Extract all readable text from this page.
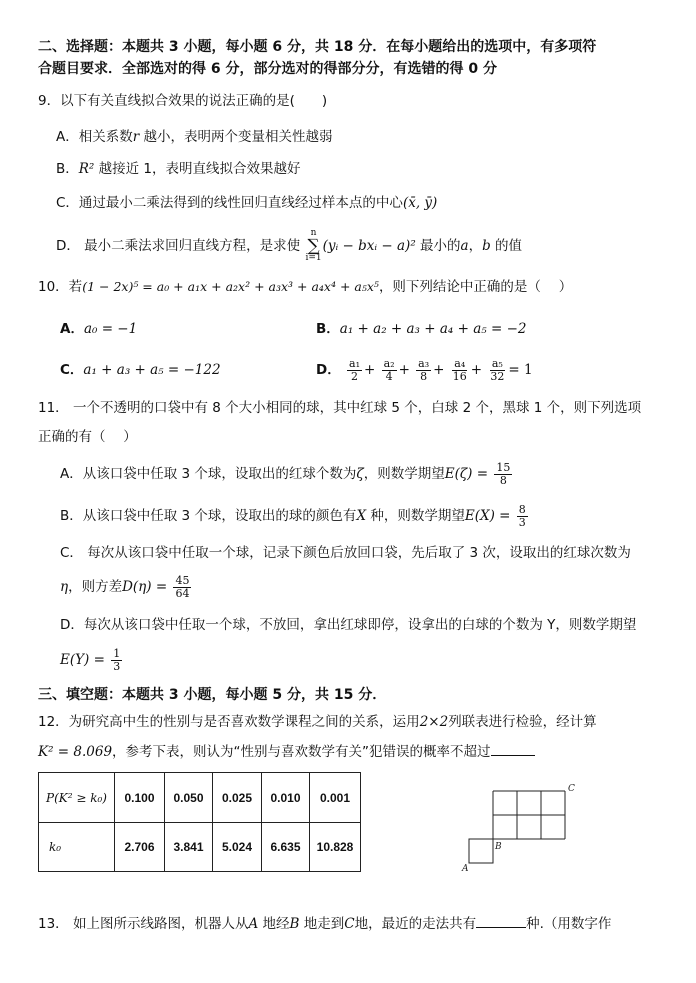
二、选择题：本题共 3 小题，每小题 6 分，共 18 分．在每小题给出的选项中，有多项符
合题目要求．全部选对的得 6 分，部分选对的得部分分，有选错的得 0 分
9．以下有关直线拟合效果的说法正确的是(　　)
A．相关系数r 越小，表明两个变量相关性越弱
B．R² 越接近 1，表明直线拟合效果越好
C．通过最小二乘法得到的线性回归直线经过样本点的中心(x̄, ȳ)
D． 最小二乘法求回归直线方程，是求使
n
∑
i=1
(yᵢ − bxᵢ − a)² 最小的a，b 的值
10．若(1 − 2x)⁵ = a₀ + a₁x + a₂x² + a₃x³ + a₄x⁴ + a₅x⁵，则下列结论中正确的是（　 ）
A．a₀ = −1	B．a₁ + a₂ + a₃ + a₄ + a₅ = −2
C．a₁ + a₃ + a₅ = −122	D． $\frac{\text{a₁}}{2} + \frac{\text{a₂}}{4} + \frac{\text{a₃}}{8} + \frac{\text{a₄}}{16} + \frac{\text{a₅}}{32} = 1$
11． 一个不透明的口袋中有 8 个大小相同的球，其中红球 5 个，白球 2 个，黑球 1 个，则下列选项
正确的有（　 ）
A．从该口袋中任取 3 个球，设取出的红球个数为ζ，则数学期望$E(\zeta) = \frac{15}{8}$
B．从该口袋中任取 3 个球，设取出的球的颜色有X 种，则数学期望$E(X) = \frac{8}{3}$
C． 每次从该口袋中任取一个球，记录下颜色后放回口袋，先后取了 3 次，设取出的红球次数为
η，则方差$D(\eta) = \frac{45}{64}$
D．每次从该口袋中任取一个球，不放回，拿出红球即停，设拿出的白球的个数为 Y，则数学期望
$E(Y) = \frac{1}{3}$
三、填空题：本题共 3 小题，每小题 5 分，共 15 分．
12．为研究高中生的性别与是否喜欢数学课程之间的关系，运用2×2列联表进行检验，经计算
K² = 8.069，参考下表，则认为“性别与喜欢数学有关”犯错误的概率不超过
P(K² ≥ k₀)	0.100	0.050	0.025	0.010	0.001
k₀	2.706	3.841	5.024	6.635	10.828
C
B
A
13． 如上图所示线路图，机器人从A 地经B 地走到C地，最近的走法共有	种.（用数字作
